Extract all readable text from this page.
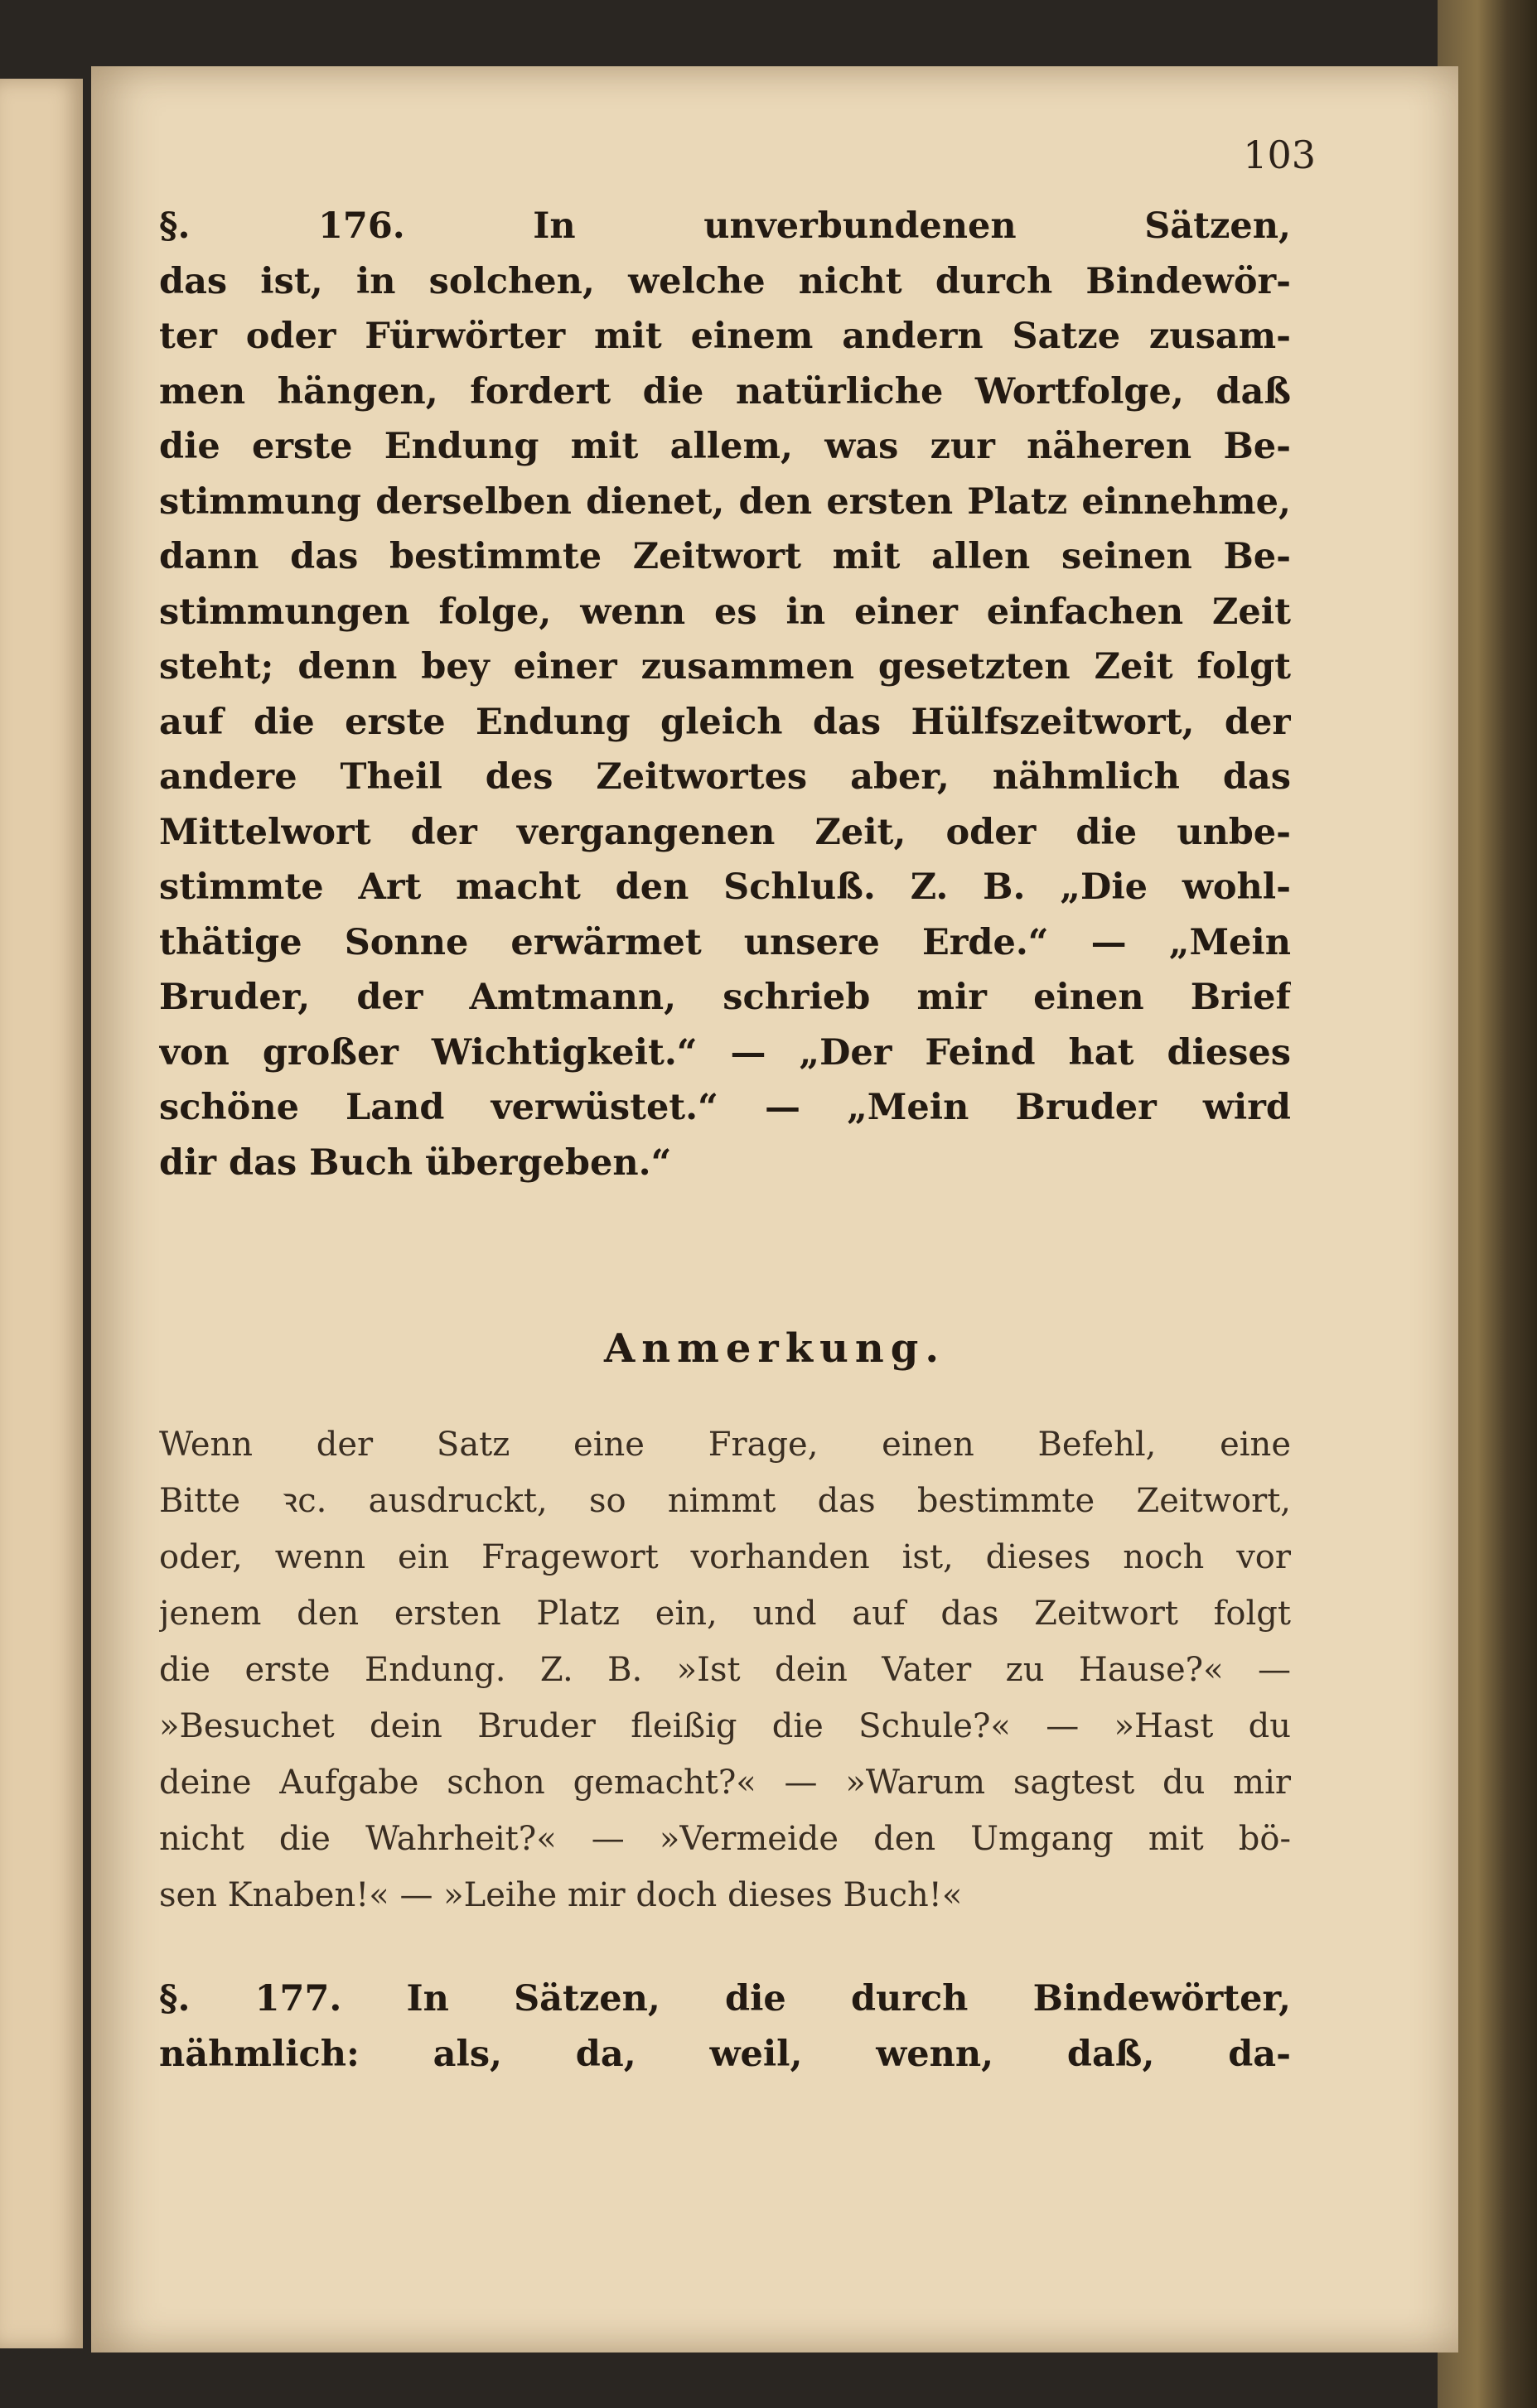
103
§. 176. In unverbundenen Sätzen,
das ist, in solchen, welche nicht durch Bindewör-
ter oder Fürwörter mit einem andern Satze zusam-
men hängen, fordert die natürliche Wortfolge, daß
die erste Endung mit allem, was zur näheren Be-
stimmung derselben dienet, den ersten Platz einnehme,
dann das bestimmte Zeitwort mit allen seinen Be-
stimmungen folge, wenn es in einer einfachen Zeit
steht; denn bey einer zusammen gesetzten Zeit folgt
auf die erste Endung gleich das Hülfszeitwort, der
andere Theil des Zeitwortes aber, nähmlich das
Mittelwort der vergangenen Zeit, oder die unbe-
stimmte Art macht den Schluß. Z. B. „Die wohl-
thätige Sonne erwärmet unsere Erde.“ — „Mein
Bruder, der Amtmann, schrieb mir einen Brief
von großer Wichtigkeit.“ — „Der Feind hat dieses
schöne Land verwüstet.“ — „Mein Bruder wird
dir das Buch übergeben.“
Anmerkung.
Wenn der Satz eine Frage, einen Befehl, eine
Bitte ꝛc. ausdruckt, so nimmt das bestimmte Zeitwort,
oder, wenn ein Fragewort vorhanden ist, dieses noch vor
jenem den ersten Platz ein, und auf das Zeitwort folgt
die erste Endung. Z. B. »Ist dein Vater zu Hause?« —
»Besuchet dein Bruder fleißig die Schule?« — »Hast du
deine Aufgabe schon gemacht?« — »Warum sagtest du mir
nicht die Wahrheit?« — »Vermeide den Umgang mit bö-
sen Knaben!« — »Leihe mir doch dieses Buch!«
§. 177. In Sätzen, die durch Bindewörter,
nähmlich: als, da, weil, wenn, daß, da-
